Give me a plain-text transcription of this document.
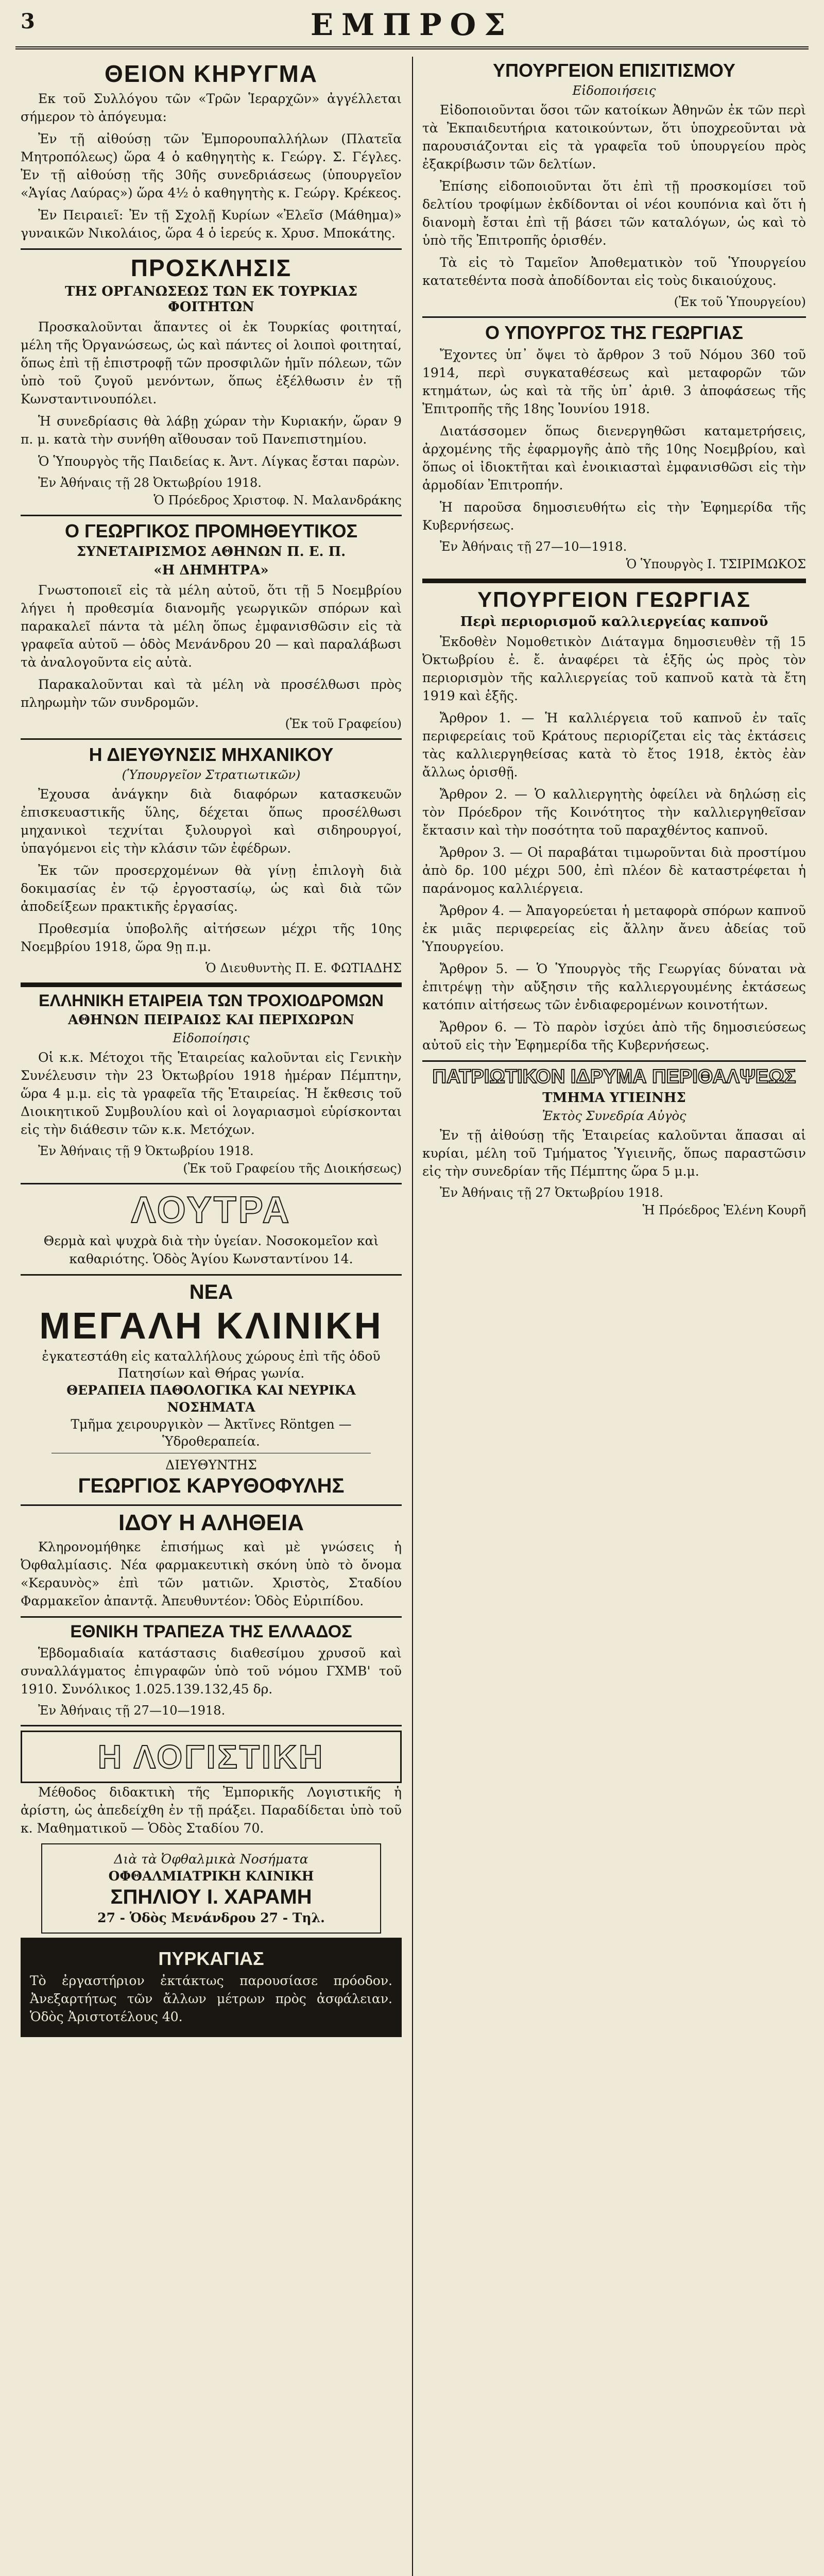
3	ΕΜΠΡΟΣ
ΘΕΙΟΝ ΚΗΡΥΓΜΑ

Εκ τοῦ Συλλόγου τῶν «Τρῶν Ἱεραρχῶν» ἀγγέλλεται σήμερον τὸ ἀπόγευμα:

Ἐν τῇ αἰθούσῃ τῶν Ἐμπορουπαλλήλων (Πλατεῖα Μητροπόλεως) ὥρα 4 ὁ καθηγητὴς κ. Γεώργ. Σ. Γέγλες. Ἐν τῇ αἰθούσῃ τῆς 30ῆς συνεδριάσεως (ὑπουργεῖον «Ἁγίας Λαύρας») ὥρα 4½ ὁ καθηγητὴς κ. Γεώργ. Κρέκεος.

Ἐν Πειραιεῖ: Ἐν τῇ Σχολῇ Κυρίων «Ἐλεῖσ (Μάθημα)» γυναικῶν Νικολάιος, ὥρα 4 ὁ ἱερεύς κ. Χρυσ. Μποκάτης.

ΠΡΟΣΚΛΗΣΙΣ
ΤΗΣ ΟΡΓΑΝΩΣΕΩΣ ΤΩΝ ΕΚ ΤΟΥΡΚΙΑΣ ΦΟΙΤΗΤΩΝ

Προσκαλοῦνται ἅπαντες οἱ ἐκ Τουρκίας φοιτηταί, μέλη τῆς Ὀργανώσεως, ὡς καὶ πάντες οἱ λοιποὶ φοιτηταί, ὅπως ἐπὶ τῇ ἐπιστροφῇ τῶν προσφιλῶν ἡμῖν πόλεων, τῶν ὑπὸ τοῦ ζυγοῦ μενόντων, ὅπως ἐξέλθωσιν ἐν τῇ Κωνσταντινουπόλει.

Ἡ συνεδρίασις θὰ λάβῃ χώραν τὴν Κυριακήν, ὥραν 9 π. μ. κατὰ τὴν συνήθη αἴθουσαν τοῦ Πανεπιστημίου.

Ὁ Ὑπουργὸς τῆς Παιδείας κ. Ἀντ. Λίγκας ἔσται παρὼν.

Ἐν Ἀθήναις τῇ 28 Ὀκτωβρίου 1918.
Ὁ Πρόεδρος Χριστοφ. Ν. Μαλανδράκης
Ο ΓΕΩΡΓΙΚΟΣ ΠΡΟΜΗΘΕΥΤΙΚΟΣ
ΣΥΝΕΤΑΙΡΙΣΜΟΣ ΑΘΗΝΩΝ Π. Ε. Π.
«Η ΔΗΜΗΤΡΑ»

Γνωστοποιεῖ εἰς τὰ μέλη αὐτοῦ, ὅτι τῇ 5 Νοεμβρίου λήγει ἡ προθεσμία διανομῆς γεωργικῶν σπόρων καὶ παρακαλεῖ πάντα τὰ μέλη ὅπως ἐμφανισθῶσιν εἰς τὰ γραφεῖα αὐτοῦ — ὁδὸς Μενάνδρου 20 — καὶ παραλάβωσι τὰ ἀναλογοῦντα εἰς αὐτὰ.

Παρακαλοῦνται καὶ τὰ μέλη νὰ προσέλθωσι πρὸς πληρωμὴν τῶν συνδρομῶν.

(Ἐκ τοῦ Γραφείου)
Η ΔΙΕΥΘΥΝΣΙΣ ΜΗΧΑΝΙΚΟΥ
(Ὑπουργεῖον Στρατιωτικῶν)

Ἐχουσα ἀνάγκην διὰ διαφόρων κατασκευῶν ἐπισκευαστικῆς ὕλης, δέχεται ὅπως προσέλθωσι μηχανικοὶ τεχνίται ξυλουργοὶ καὶ σιδηρουργοί, ὑπαγόμενοι εἰς τὴν κλάσιν τῶν ἐφέδρων.

Ἐκ τῶν προσερχομένων θὰ γίνῃ ἐπιλογὴ διὰ δοκιμασίας ἐν τῷ ἐργοστασίῳ, ὡς καὶ διὰ τῶν ἀποδείξεων πρακτικῆς ἐργασίας.

Προθεσμία ὑποβολῆς αἰτήσεων μέχρι τῆς 10ης Νοεμβρίου 1918, ὥρα 9ῃ π.μ.

Ὁ Διευθυντὴς Π. Ε. ΦΩΤΙΑΔΗΣ
ΕΛΛΗΝΙΚΗ ΕΤΑΙΡΕΙΑ ΤΩΝ ΤΡΟΧΙΟΔΡΟΜΩΝ
ΑΘΗΝΩΝ ΠΕΙΡΑΙΩΣ ΚΑΙ ΠΕΡΙΧΩΡΩΝ
Εἰδοποίησις

Οἱ κ.κ. Μέτοχοι τῆς Ἑταιρείας καλοῦνται εἰς Γενικὴν Συνέλευσιν τὴν 23 Ὀκτωβρίου 1918 ἡμέραν Πέμπτην, ὥρα 4 μ.μ. εἰς τὰ γραφεῖα τῆς Ἑταιρείας. Ἡ ἔκθεσις τοῦ Διοικητικοῦ Συμβουλίου καὶ οἱ λογαριασμοὶ εὑρίσκονται εἰς τὴν διάθεσιν τῶν κ.κ. Μετόχων.

Ἐν Ἀθήναις τῇ 9 Ὀκτωβρίου 1918.
(Ἐκ τοῦ Γραφείου τῆς Διοικήσεως)
ΛΟΥΤΡΑ

Θερμὰ καὶ ψυχρὰ διὰ τὴν ὑγείαν. Νοσοκομεῖον καὶ καθαριότης. Ὁδὸς Ἁγίου Κωνσταντίνου 14.

ΝΕΑ
ΜΕΓΑΛΗ ΚΛΙΝΙΚΗ
ἐγκατεστάθη εἰς καταλλήλους χώρους ἐπὶ τῆς ὁδοῦ Πατησίων καὶ Θήρας γωνία.
ΘΕΡΑΠΕΙΑ ΠΑΘΟΛΟΓΙΚΑ ΚΑΙ ΝΕΥΡΙΚΑ ΝΟΣΗΜΑΤΑ
Τμῆμα χειρουργικὸν — Ἀκτῖνες Röntgen — Ὑδροθεραπεία.
ΔΙΕΥΘΥΝΤΗΣ
ΓΕΩΡΓΙΟΣ ΚΑΡΥΘΟΦΥΛΗΣ
ΙΔΟΥ Η ΑΛΗΘΕΙΑ

Κληρονομήθηκε ἐπισήμως καὶ μὲ γνώσεις ἡ Ὀφθαλμίασις. Νέα φαρμακευτικὴ σκόνη ὑπὸ τὸ ὄνομα «Κεραυνὸς» ἐπὶ τῶν ματιῶν. Χριστὸς, Σταδίου Φαρμακεῖον ἀπαντᾷ. Ἀπευθυντέον: Ὁδὸς Εὐριπίδου.

ΕΘΝΙΚΗ ΤΡΑΠΕΖΑ ΤΗΣ ΕΛΛΑΔΟΣ

Ἑβδομαδιαία κατάστασις διαθεσίμου χρυσοῦ καὶ συναλλάγματος ἐπιγραφῶν ὑπὸ τοῦ νόμου ΓΧΜΒ' τοῦ 1910. Συνόλικος 1.025.139.132,45 δρ.

Ἐν Ἀθήναις τῇ 27—10—1918.
Η ΛΟΓΙΣΤΙΚΗ

Μέθοδος διδακτικὴ τῆς Ἐμπορικῆς Λογιστικῆς ἡ ἀρίστη, ὡς ἀπεδείχθη ἐν τῇ πράξει. Παραδίδεται ὑπὸ τοῦ κ. Μαθηματικοῦ — Ὁδὸς Σταδίου 70.

Διὰ τὰ Ὀφθαλμικὰ Νοσήματα
ΟΦΘΑΛΜΙΑΤΡΙΚΗ ΚΛΙΝΙΚΗ
ΣΠΗΛΙΟΥ Ι. ΧΑΡΑΜΗ
27 - Ὁδὸς Μενάνδρου 27 - Τηλ.
ΠΥΡΚΑΓΙΑΣ

Τὸ ἐργαστήριον ἐκτάκτως παρουσίασε πρόοδον. Ἀνεξαρτήτως τῶν ἄλλων μέτρων πρὸς ἀσφάλειαν. Ὁδὸς Ἀριστοτέλους 40.

ΥΠΟΥΡΓΕΙΟΝ ΕΠΙΣΙΤΙΣΜΟΥ
Εἰδοποιήσεις

Εἰδοποιοῦνται ὅσοι τῶν κατοίκων Ἀθηνῶν ἐκ τῶν περὶ τὰ Ἐκπαιδευτήρια κατοικούντων, ὅτι ὑποχρεοῦνται νὰ παρουσιάζονται εἰς τὰ γραφεῖα τοῦ ὑπουργείου πρὸς ἐξακρίβωσιν τῶν δελτίων.

Ἐπίσης εἰδοποιοῦνται ὅτι ἐπὶ τῇ προσκομίσει τοῦ δελτίου τροφίμων ἐκδίδονται οἱ νέοι κουπόνια καὶ ὅτι ἡ διανομὴ ἔσται ἐπὶ τῇ βάσει τῶν καταλόγων, ὡς καὶ τὸ ὑπὸ τῆς Ἐπιτροπῆς ὁρισθέν.

Τὰ εἰς τὸ Ταμεῖον Ἀποθεματικὸν τοῦ Ὑπουργείου κατατεθέντα ποσὰ ἀποδίδονται εἰς τοὺς δικαιούχους.

(Ἐκ τοῦ Ὑπουργείου)
Ο ΥΠΟΥΡΓΟΣ ΤΗΣ ΓΕΩΡΓΙΑΣ

Ἔχοντες ὑπ᾿ ὄψει τὸ ἄρθρον 3 τοῦ Νόμου 360 τοῦ 1914, περὶ συγκαταθέσεως καὶ μεταφορῶν τῶν κτημάτων, ὡς καὶ τὰ τῆς ὑπ᾿ ἀριθ. 3 ἀποφάσεως τῆς Ἐπιτροπῆς τῆς 18ης Ἰουνίου 1918.

Διατάσσομεν ὅπως διενεργηθῶσι καταμετρήσεις, ἀρχομένης τῆς ἐφαρμογῆς ἀπὸ τῆς 10ης Νοεμβρίου, καὶ ὅπως οἱ ἰδιοκτῆται καὶ ἐνοικιασταὶ ἐμφανισθῶσι εἰς τὴν ἁρμοδίαν Ἐπιτροπήν.

Ἡ παροῦσα δημοσιευθήτω εἰς τὴν Ἐφημερίδα τῆς Κυβερνήσεως.

Ἐν Ἀθήναις τῇ 27—10—1918.
Ὁ Ὑπουργὸς Ι. ΤΣΙΡΙΜΩΚΟΣ
ΥΠΟΥΡΓΕΙΟΝ ΓΕΩΡΓΙΑΣ
Περὶ περιορισμοῦ καλλιεργείας καπνοῦ

Ἐκδοθὲν Νομοθετικὸν Διάταγμα δημοσιευθὲν τῇ 15 Ὀκτωβρίου ἐ. ἔ. ἀναφέρει τὰ ἑξῆς ὡς πρὸς τὸν περιορισμὸν τῆς καλλιεργείας τοῦ καπνοῦ κατὰ τὰ ἔτη 1919 καὶ ἑξῆς.

Ἄρθρον 1. — Ἡ καλλιέργεια τοῦ καπνοῦ ἐν ταῖς περιφερείαις τοῦ Κράτους περιορίζεται εἰς τὰς ἐκτάσεις τὰς καλλιεργηθείσας κατὰ τὸ ἔτος 1918, ἐκτὸς ἐὰν ἄλλως ὁρισθῇ.

Ἄρθρον 2. — Ὁ καλλιεργητὴς ὀφείλει νὰ δηλώσῃ εἰς τὸν Πρόεδρον τῆς Κοινότητος τὴν καλλιεργηθεῖσαν ἔκτασιν καὶ τὴν ποσότητα τοῦ παραχθέντος καπνοῦ.

Ἄρθρον 3. — Οἱ παραβάται τιμωροῦνται διὰ προστίμου ἀπὸ δρ. 100 μέχρι 500, ἐπὶ πλέον δὲ καταστρέφεται ἡ παράνομος καλλιέργεια.

Ἄρθρον 4. — Ἀπαγορεύεται ἡ μεταφορὰ σπόρων καπνοῦ ἐκ μιᾶς περιφερείας εἰς ἄλλην ἄνευ ἀδείας τοῦ Ὑπουργείου.

Ἄρθρον 5. — Ὁ Ὑπουργὸς τῆς Γεωργίας δύναται νὰ ἐπιτρέψῃ τὴν αὔξησιν τῆς καλλιεργουμένης ἐκτάσεως κατόπιν αἰτήσεως τῶν ἐνδιαφερομένων κοινοτήτων.

Ἄρθρον 6. — Τὸ παρὸν ἰσχύει ἀπὸ τῆς δημοσιεύσεως αὐτοῦ εἰς τὴν Ἐφημερίδα τῆς Κυβερνήσεως.

ΠΑΤΡΙΩΤΙΚΟΝ ΙΔΡΥΜΑ ΠΕΡΙΘΑΛΨΕΩΣ
ΤΜΗΜΑ ΥΓΙΕΙΝΗΣ
Ἐκτὸς Συνεδρία Αὐγὸς

Ἐν τῇ ἀἰθούσῃ τῆς Ἑταιρείας καλοῦνται ἅπασαι αἱ κυρίαι, μέλη τοῦ Τμήματος Ὑγιεινῆς, ὅπως παραστῶσιν εἰς τὴν συνεδρίαν τῆς Πέμπτης ὥρα 5 μ.μ.

Ἐν Ἀθήναις τῇ 27 Ὀκτωβρίου 1918.
Ἡ Πρόεδρος Ἑλένη Κουρῆ
